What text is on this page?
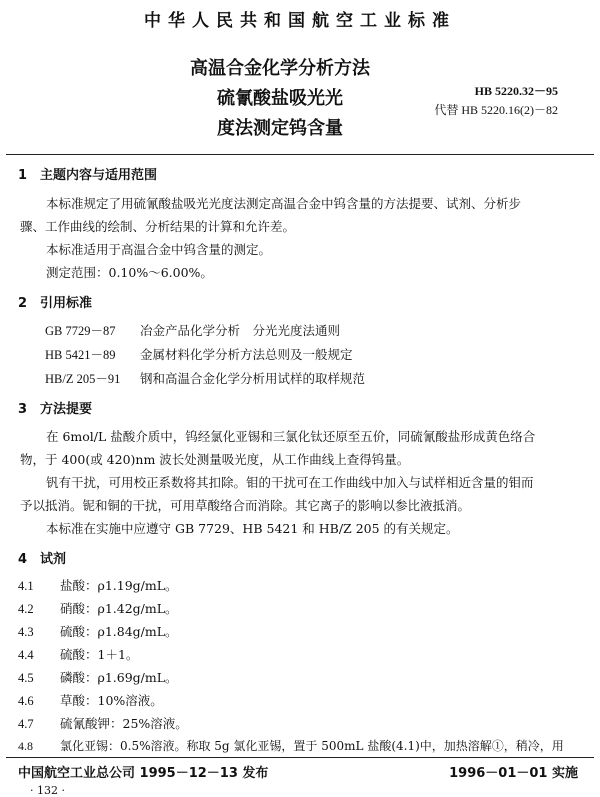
中华人民共和国航空工业标准
高温合金化学分析方法
硫氰酸盐吸光光
度法测定钨含量
HB 5220.32－95
代替 HB 5220.16(2)－82
1　主题内容与适用范围
本标准规定了用硫氰酸盐吸光光度法测定高温合金中钨含量的方法提要、试剂、分析步
骤、工作曲线的绘制、分析结果的计算和允许差。
本标准适用于高温合金中钨含量的测定。
测定范围：0.10%～6.00%。
2　引用标准
GB 7729－87 冶金产品化学分析　分光光度法通则
HB 5421－89 金属材料化学分析方法总则及一般规定
HB/Z 205－91 钢和高温合金化学分析用试样的取样规范
3　方法提要
在 6mol/L 盐酸介质中，钨经氯化亚锡和三氯化钛还原至五价，同硫氰酸盐形成黄色络合
物，于 400(或 420)nm 波长处测量吸光度，从工作曲线上查得钨量。
钒有干扰，可用校正系数将其扣除。钼的干扰可在工作曲线中加入与试样相近含量的钼而
予以抵消。铌和铜的干扰，可用草酸络合而消除。其它离子的影响以参比液抵消。
本标准在实施中应遵守 GB 7729、HB 5421 和 HB/Z 205 的有关规定。
4　试剂
4.1 盐酸：ρ1.19g/mL。
4.2 硝酸：ρ1.42g/mL。
4.3 硫酸：ρ1.84g/mL。
4.4 硫酸：1＋1。
4.5 磷酸：ρ1.69g/mL。
4.6 草酸：10%溶液。
4.7 硫氰酸钾：25%溶液。
4.8 氯化亚锡：0.5%溶液。称取 5g 氯化亚锡，置于 500mL 盐酸(4.1)中，加热溶解①，稍冷，用
中国航空工业总公司 1995－12－13 发布	1996－01－01 实施
· 132 ·
